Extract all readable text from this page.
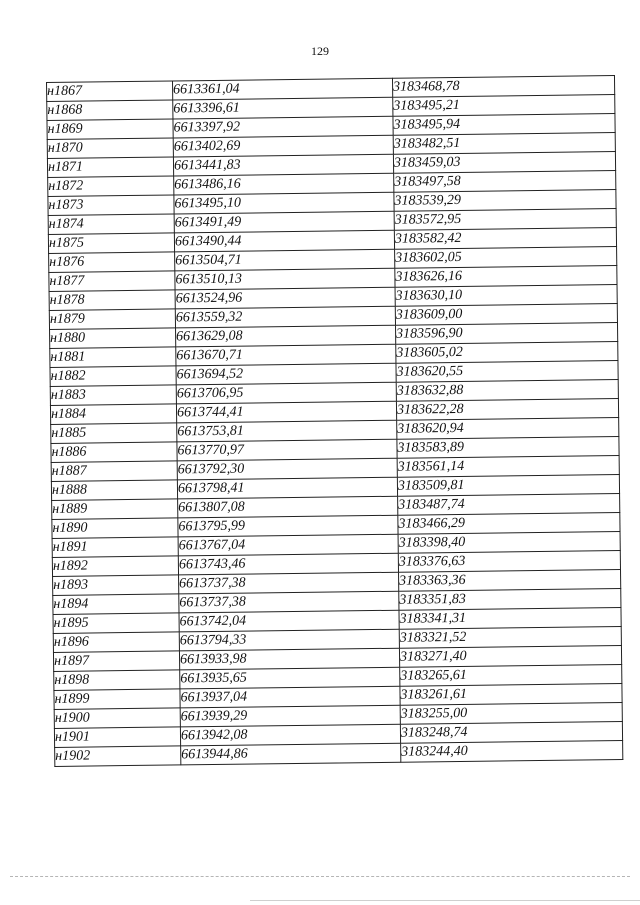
129
н1867	6613361,04	3183468,78
н1868	6613396,61	3183495,21
н1869	6613397,92	3183495,94
н1870	6613402,69	3183482,51
н1871	6613441,83	3183459,03
н1872	6613486,16	3183497,58
н1873	6613495,10	3183539,29
н1874	6613491,49	3183572,95
н1875	6613490,44	3183582,42
н1876	6613504,71	3183602,05
н1877	6613510,13	3183626,16
н1878	6613524,96	3183630,10
н1879	6613559,32	3183609,00
н1880	6613629,08	3183596,90
н1881	6613670,71	3183605,02
н1882	6613694,52	3183620,55
н1883	6613706,95	3183632,88
н1884	6613744,41	3183622,28
н1885	6613753,81	3183620,94
н1886	6613770,97	3183583,89
н1887	6613792,30	3183561,14
н1888	6613798,41	3183509,81
н1889	6613807,08	3183487,74
н1890	6613795,99	3183466,29
н1891	6613767,04	3183398,40
н1892	6613743,46	3183376,63
н1893	6613737,38	3183363,36
н1894	6613737,38	3183351,83
н1895	6613742,04	3183341,31
н1896	6613794,33	3183321,52
н1897	6613933,98	3183271,40
н1898	6613935,65	3183265,61
н1899	6613937,04	3183261,61
н1900	6613939,29	3183255,00
н1901	6613942,08	3183248,74
н1902	6613944,86	3183244,40
